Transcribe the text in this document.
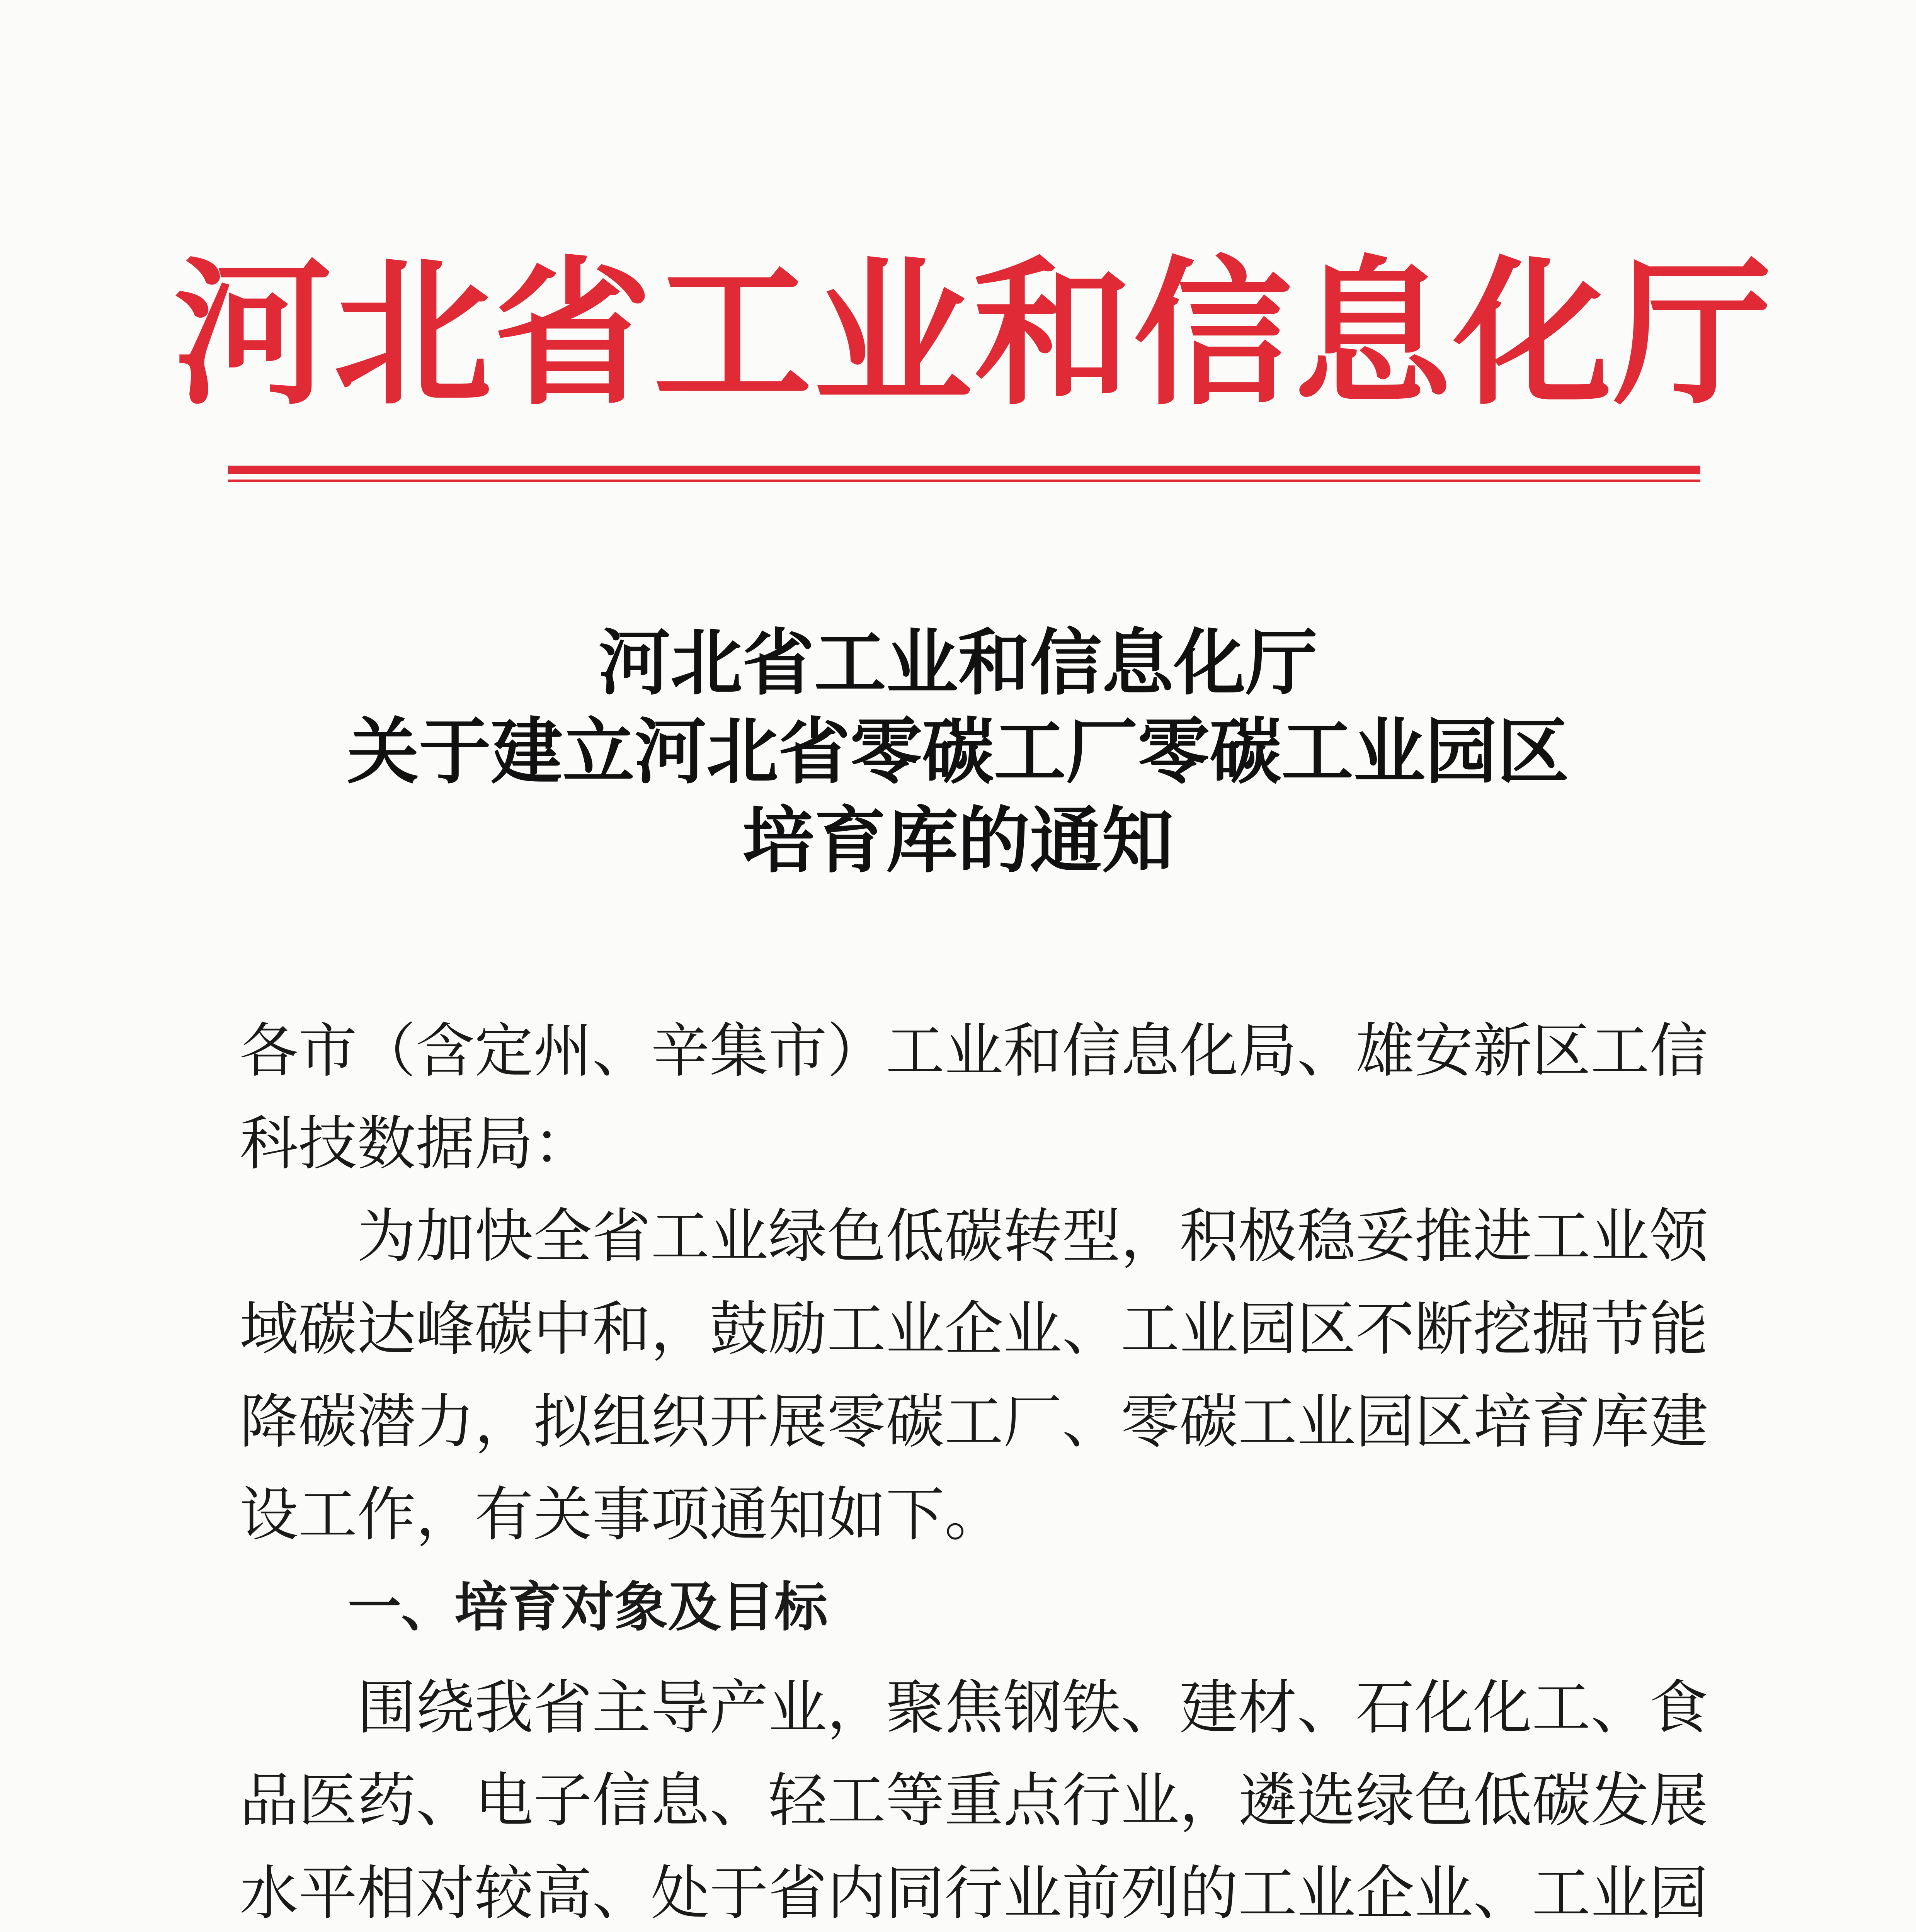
河北省工业和信息化厅
河北省工业和信息化厅
关于建立河北省零碳工厂零碳工业园区
培育库的通知
各市（含定州、辛集市）工业和信息化局、雄安新区工信科技数据局：
为加快全省工业绿色低碳转型，积极稳妥推进工业领域碳达峰碳中和，鼓励工业企业、工业园区不断挖掘节能降碳潜力，拟组织开展零碳工厂、零碳工业园区培育库建设工作，有关事项通知如下。
一、培育对象及目标
围绕我省主导产业，聚焦钢铁、建材、石化化工、食品医药、电子信息、轻工等重点行业，遴选绿色低碳发展水平相对较高、处于省内同行业前列的工业企业、工业园
